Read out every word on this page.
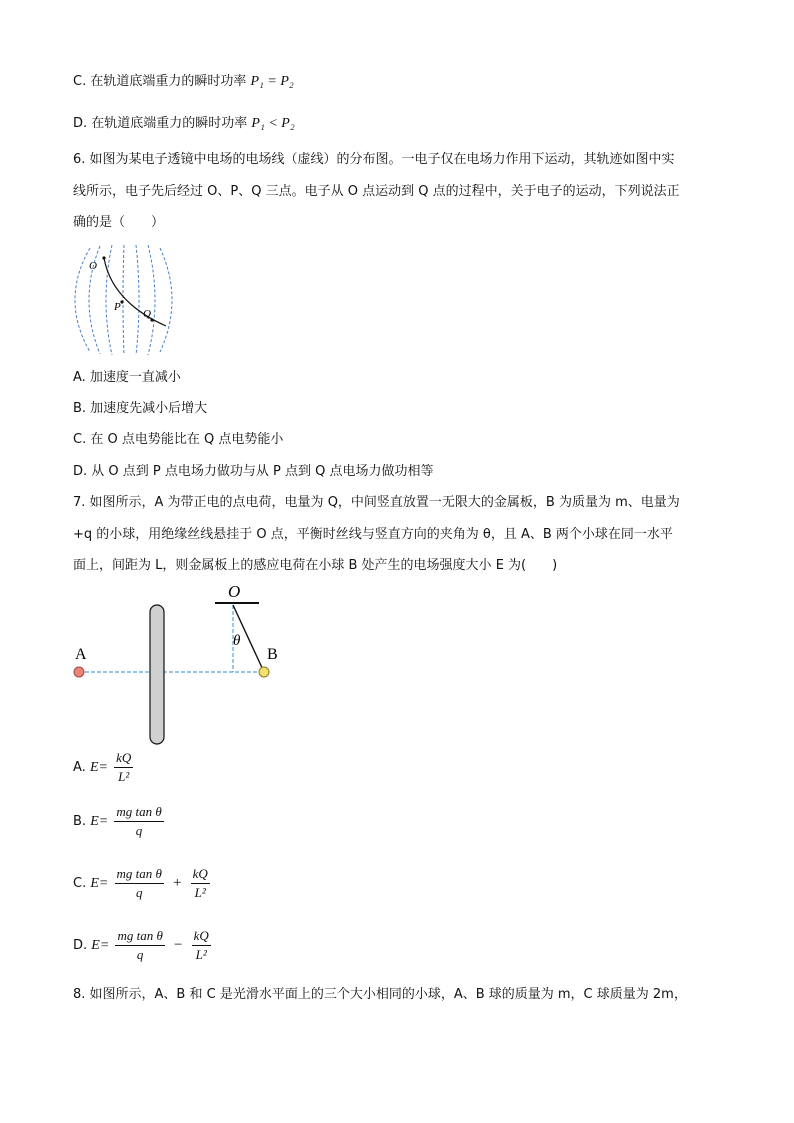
C. 在轨道底端重力的瞬时功率 P₁ = P₂
D. 在轨道底端重力的瞬时功率 P₁ < P₂
6. 如图为某电子透镜中电场的电场线（虚线）的分布图。一电子仅在电场力作用下运动，其轨迹如图中实
线所示，电子先后经过 O、P、Q 三点。电子从 O 点运动到 Q 点的过程中，关于电子的运动，下列说法正
确的是（　　）
O
P
Q
A. 加速度一直减小
B. 加速度先减小后增大
C. 在 O 点电势能比在 Q 点电势能小
D. 从 O 点到 P 点电场力做功与从 P 点到 Q 点电场力做功相等
7. 如图所示，A 为带正电的点电荷，电量为 Q，中间竖直放置一无限大的金属板，B 为质量为 m、电量为
+q 的小球，用绝缘丝线悬挂于 O 点，平衡时丝线与竖直方向的夹角为 θ，且 A、B 两个小球在同一水平
面上，间距为 L，则金属板上的感应电荷在小球 B 处产生的电场强度大小 E 为(　　)
O
θ
A	B
A. $E= \frac{kQ}{\text{L²}}$
B. $E= \frac{\text{mg tan θ}}{q}$
C. $E= \frac{\text{mg tan θ}}{q} + \frac{kQ}{\text{L²}}$
D. $E= \frac{\text{mg tan θ}}{q} - \frac{kQ}{\text{L²}}$
8. 如图所示，A、B 和 C 是光滑水平面上的三个大小相同的小球，A、B 球的质量为 m，C 球质量为 2m，
